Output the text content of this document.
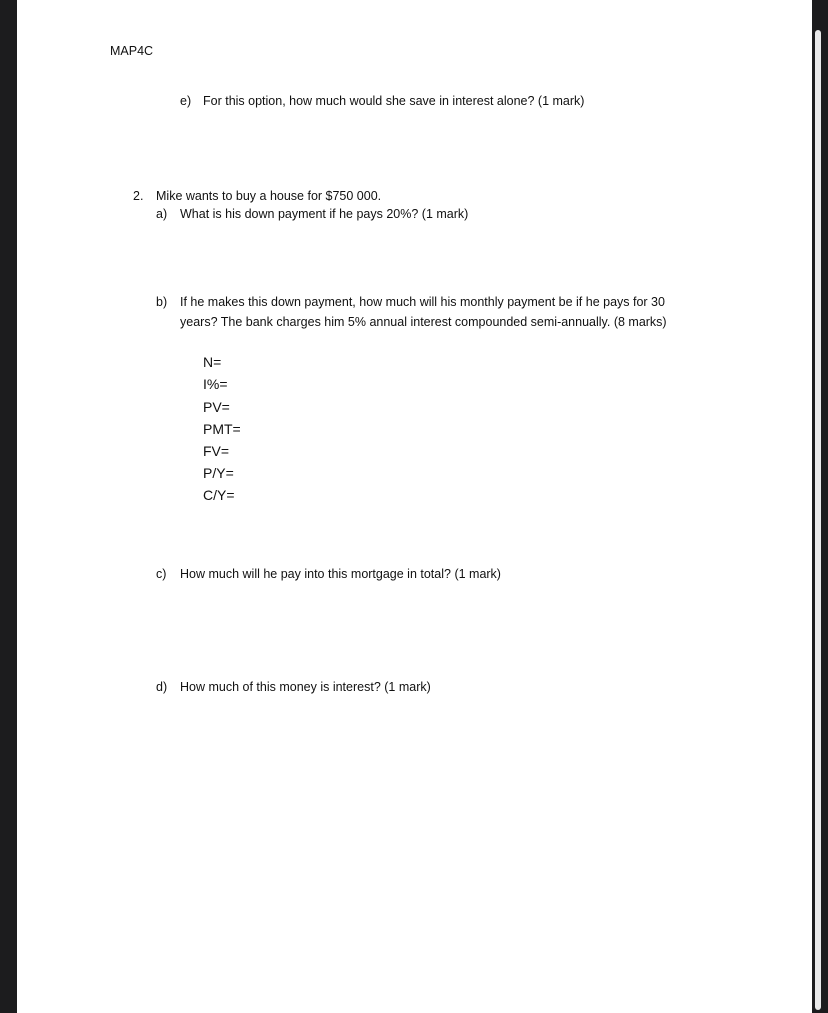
MAP4C
e) For this option, how much would she save in interest alone? (1 mark)
2. Mike wants to buy a house for $750 000.
a) What is his down payment if he pays 20%? (1 mark)
b) If he makes this down payment, how much will his monthly payment be if he pays for 30
years? The bank charges him 5% annual interest compounded semi-annually. (8 marks)
N=
I%=
PV=
PMT=
FV=
P/Y=
C/Y=
c) How much will he pay into this mortgage in total? (1 mark)
d) How much of this money is interest? (1 mark)
